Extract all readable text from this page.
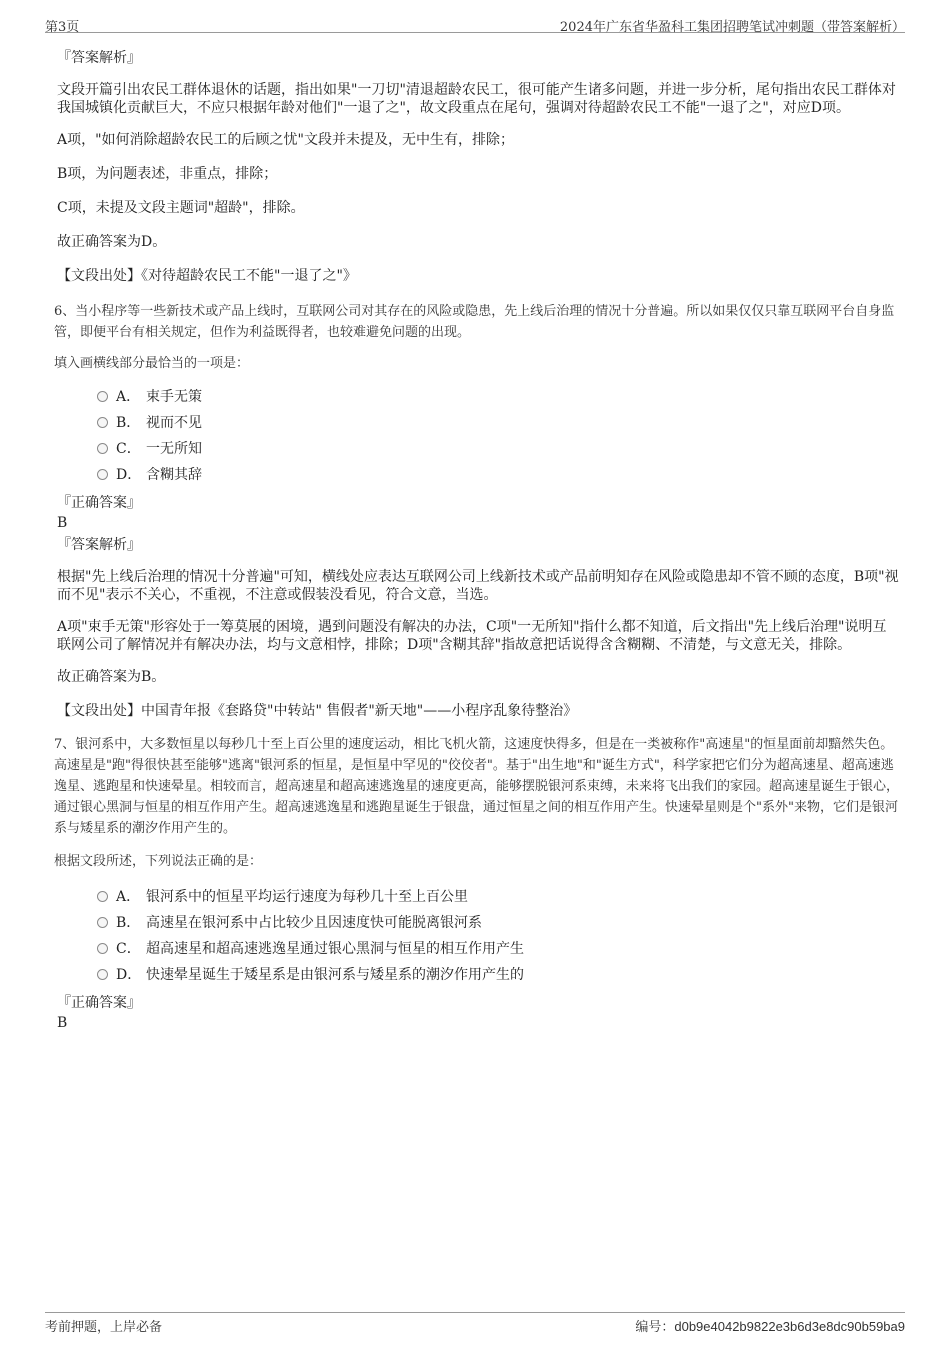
第3页	2024年广东省华盈科工集团招聘笔试冲刺题（带答案解析）

『答案解析』

文段开篇引出农民工群体退休的话题，指出如果"一刀切"清退超龄农民工，很可能产生诸多问题，并进一步分析，尾句指出农民工群体对我国城镇化贡献巨大，不应只根据年龄对他们"一退了之"，故文段重点在尾句，强调对待超龄农民工不能"一退了之"，对应D项。

A项，"如何消除超龄农民工的后顾之忧"文段并未提及，无中生有，排除；

B项，为问题表述，非重点，排除；

C项，未提及文段主题词"超龄"，排除。

故正确答案为D。

【文段出处】《对待超龄农民工不能"一退了之"》

6、当小程序等一些新技术或产品上线时，互联网公司对其存在的风险或隐患，先上线后治理的情况十分普遍。所以如果仅仅只靠互联网平台自身监管，即便平台有相关规定，但作为利益既得者，也较难避免问题的出现。

填入画横线部分最恰当的一项是：

A． 束手无策
B． 视而不见
C． 一无所知
D． 含糊其辞

『正确答案』

B

『答案解析』

根据"先上线后治理的情况十分普遍"可知，横线处应表达互联网公司上线新技术或产品前明知存在风险或隐患却不管不顾的态度，B项"视而不见"表示不关心，不重视，不注意或假装没看见，符合文意，当选。

A项"束手无策"形容处于一筹莫展的困境，遇到问题没有解决的办法，C项"一无所知"指什么都不知道，后文指出"先上线后治理"说明互联网公司了解情况并有解决办法，均与文意相悖，排除；D项"含糊其辞"指故意把话说得含含糊糊、不清楚，与文意无关，排除。

故正确答案为B。

【文段出处】中国青年报《套路贷"中转站" 售假者"新天地"——小程序乱象待整治》

7、银河系中，大多数恒星以每秒几十至上百公里的速度运动，相比飞机火箭，这速度快得多，但是在一类被称作"高速星"的恒星面前却黯然失色。高速星是"跑"得很快甚至能够"逃离"银河系的恒星，是恒星中罕见的"佼佼者"。基于"出生地"和"诞生方式"，科学家把它们分为超高速星、超高速逃逸星、逃跑星和快速晕星。相较而言，超高速星和超高速逃逸星的速度更高，能够摆脱银河系束缚，未来将飞出我们的家园。超高速星诞生于银心，通过银心黑洞与恒星的相互作用产生。超高速逃逸星和逃跑星诞生于银盘，通过恒星之间的相互作用产生。快速晕星则是个"系外"来物，它们是银河系与矮星系的潮汐作用产生的。

根据文段所述，下列说法正确的是：

A． 银河系中的恒星平均运行速度为每秒几十至上百公里
B． 高速星在银河系中占比较少且因速度快可能脱离银河系
C． 超高速星和超高速逃逸星通过银心黑洞与恒星的相互作用产生
D． 快速晕星诞生于矮星系是由银河系与矮星系的潮汐作用产生的

『正确答案』

B

考前押题，上岸必备	编号：d0b9e4042b9822e3b6d3e8dc90b59ba9
